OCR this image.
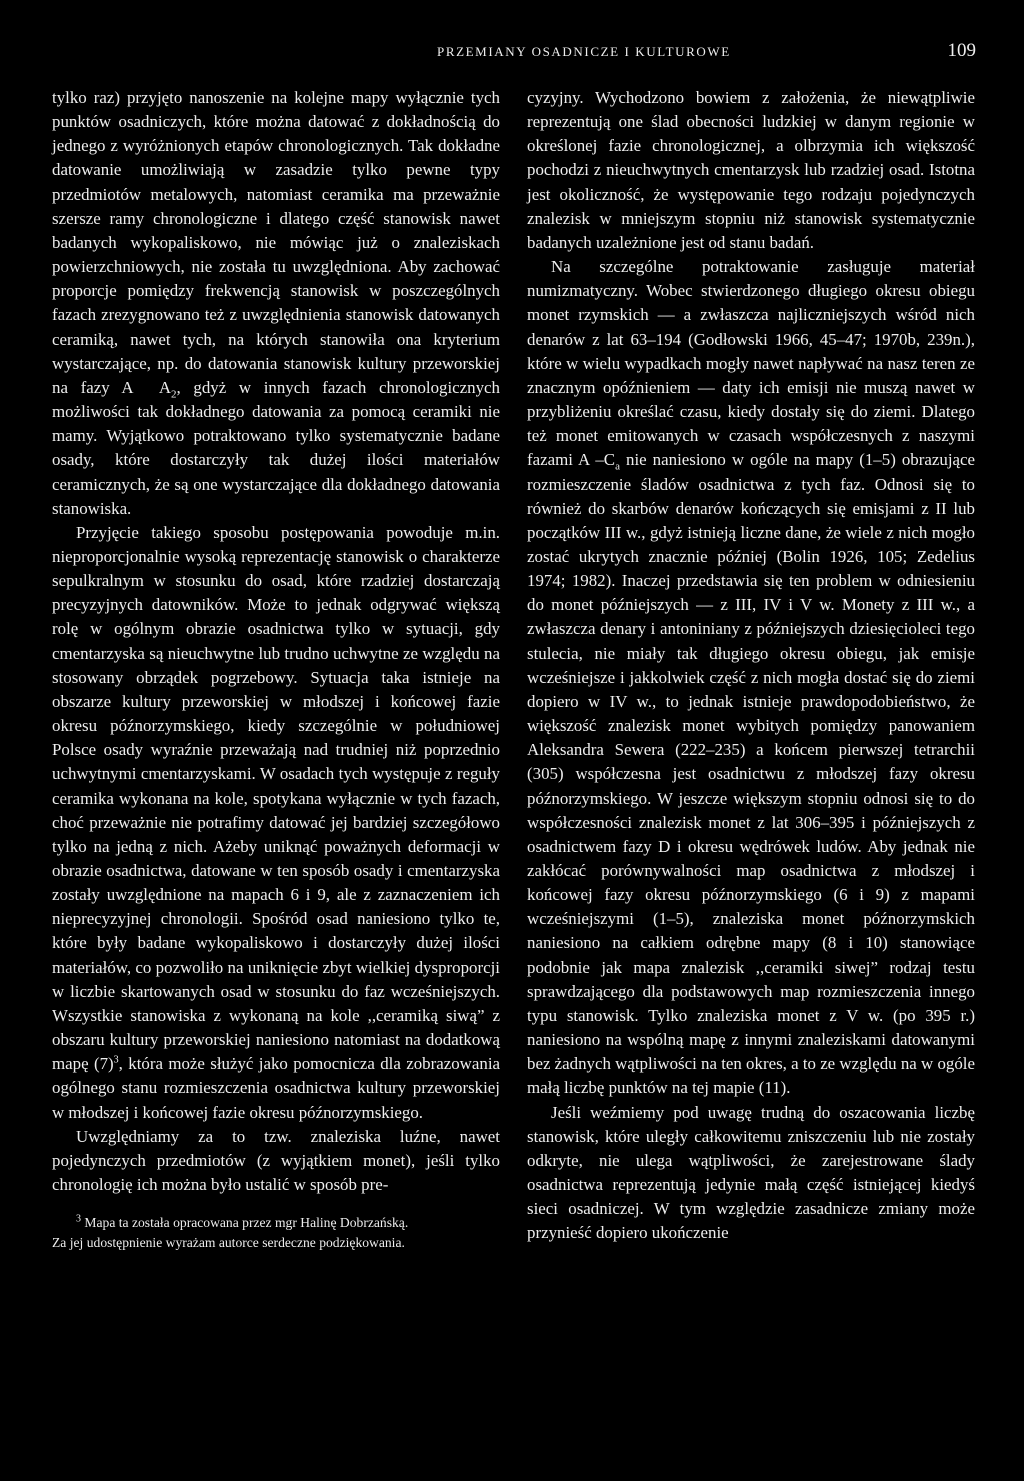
PRZEMIANY OSADNICZE I KULTUROWE	109

tylko raz) przyjęto nanoszenie na kolejne mapy wyłącznie tych punktów osadniczych, które można datować z dokładnością do jednego z wyróżnionych etapów chronologicznych. Tak dokładne datowanie umożliwiają w zasadzie tylko pewne typy przedmiotów metalowych, natomiast ceramika ma przeważnie szersze ramy chronologiczne i dlatego część stanowisk nawet badanych wykopaliskowo, nie mówiąc już o znaleziskach powierzchniowych, nie została tu uwzględniona. Aby zachować proporcje pomiędzy frekwencją stanowisk w poszczególnych fazach zrezygnowano też z uwzględnienia stanowisk datowanych ceramiką, nawet tych, na których stanowiła ona kryterium wystarczające, np. do datowania stanowisk kultury przeworskiej na fazy A $A_2$, gdyż w innych fazach chronologicznych możliwości tak dokładnego datowania za pomocą ceramiki nie mamy. Wyjątkowo potraktowano tylko systematycznie badane osady, które dostarczyły tak dużej ilości materiałów ceramicznych, że są one wystarczające dla dokładnego datowania stanowiska.

Przyjęcie takiego sposobu postępowania powoduje m.in. nieproporcjonalnie wysoką reprezentację stanowisk o charakterze sepulkralnym w stosunku do osad, które rzadziej dostarczają precyzyjnych datowników. Może to jednak odgrywać większą rolę w ogólnym obrazie osadnictwa tylko w sytuacji, gdy cmentarzyska są nieuchwytne lub trudno uchwytne ze względu na stosowany obrządek pogrzebowy. Sytuacja taka istnieje na obszarze kultury przeworskiej w młodszej i końcowej fazie okresu późnorzymskiego, kiedy szczególnie w południowej Polsce osady wyraźnie przeważają nad trudniej niż poprzednio uchwytnymi cmentarzyskami. W osadach tych występuje z reguły ceramika wykonana na kole, spotykana wyłącznie w tych fazach, choć przeważnie nie potrafimy datować jej bardziej szczegółowo tylko na jedną z nich. Ażeby uniknąć poważnych deformacji w obrazie osadnictwa, datowane w ten sposób osady i cmentarzyska zostały uwzględnione na mapach 6 i 9, ale z zaznaczeniem ich nieprecyzyjnej chronologii. Spośród osad naniesiono tylko te, które były badane wykopaliskowo i dostarczyły dużej ilości materiałów, co pozwoliło na uniknięcie zbyt wielkiej dysproporcji w liczbie skartowanych osad w stosunku do faz wcześniejszych. Wszystkie stanowiska z wykonaną na kole ,,ceramiką siwą” z obszaru kultury przeworskiej naniesiono natomiast na dodatkową mapę $(7)^3$, która może służyć jako pomocnicza dla zobrazowania ogólnego stanu rozmieszczenia osadnictwa kultury przeworskiej w młodszej i końcowej fazie okresu późnorzymskiego.

Uwzględniamy za to tzw. znaleziska luźne, nawet pojedynczych przedmiotów (z wyjątkiem monet), jeśli tylko chronologię ich można było ustalić w sposób pre-

$^3$ Mapa ta została opracowana przez mgr Halinę Dobrzańską.

Za jej udostępnienie wyrażam autorce serdeczne podziękowania.

cyzyjny. Wychodzono bowiem z założenia, że niewątpliwie reprezentują one ślad obecności ludzkiej w danym regionie w określonej fazie chronologicznej, a olbrzymia ich większość pochodzi z nieuchwytnych cmentarzysk lub rzadziej osad. Istotna jest okoliczność, że występowanie tego rodzaju pojedynczych znalezisk w mniejszym stopniu niż stanowisk systematycznie badanych uzależnione jest od stanu badań.

Na szczególne potraktowanie zasługuje materiał numizmatyczny. Wobec stwierdzonego długiego okresu obiegu monet rzymskich — a zwłaszcza najliczniejszych wśród nich denarów z lat 63–194 (Godłowski 1966, 45–47; 1970b, 239n.), które w wielu wypadkach mogły nawet napływać na nasz teren ze znacznym opóźnieniem — daty ich emisji nie muszą nawet w przybliżeniu określać czasu, kiedy dostały się do ziemi. Dlatego też monet emitowanych w czasach współczesnych z naszymi fazami A $-C_a$ nie naniesiono w ogóle na mapy (1–5) obrazujące rozmieszczenie śladów osadnictwa z tych faz. Odnosi się to również do skarbów denarów kończących się emisjami z II lub początków III w., gdyż istnieją liczne dane, że wiele z nich mogło zostać ukrytych znacznie później (Bolin 1926, 105; Zedelius 1974; 1982). Inaczej przedstawia się ten problem w odniesieniu do monet późniejszych — z III, IV i V w. Monety z III w., a zwłaszcza denary i antoniniany z późniejszych dziesięcioleci tego stulecia, nie miały tak długiego okresu obiegu, jak emisje wcześniejsze i jakkolwiek część z nich mogła dostać się do ziemi dopiero w IV w., to jednak istnieje prawdopodobieństwo, że większość znalezisk monet wybitych pomiędzy panowaniem Aleksandra Sewera (222–235) a końcem pierwszej tetrarchii (305) współczesna jest osadnictwu z młodszej fazy okresu późnorzymskiego. W jeszcze większym stopniu odnosi się to do współczesności znalezisk monet z lat 306–395 i późniejszych z osadnictwem fazy D i okresu wędrówek ludów. Aby jednak nie zakłócać porównywalności map osadnictwa z młodszej i końcowej fazy okresu późnorzymskiego (6 i 9) z mapami wcześniejszymi (1–5), znaleziska monet późnorzymskich naniesiono na całkiem odrębne mapy (8 i 10) stanowiące podobnie jak mapa znalezisk ,,ceramiki siwej” rodzaj testu sprawdzającego dla podstawowych map rozmieszczenia innego typu stanowisk. Tylko znaleziska monet z V w. (po 395 r.) naniesiono na wspólną mapę z innymi znaleziskami datowanymi bez żadnych wątpliwości na ten okres, a to ze względu na w ogóle małą liczbę punktów na tej mapie (11).

Jeśli weźmiemy pod uwagę trudną do oszacowania liczbę stanowisk, które uległy całkowitemu zniszczeniu lub nie zostały odkryte, nie ulega wątpliwości, że zarejestrowane ślady osadnictwa reprezentują jedynie małą część istniejącej kiedyś sieci osadniczej. W tym względzie zasadnicze zmiany może przynieść dopiero ukończenie
